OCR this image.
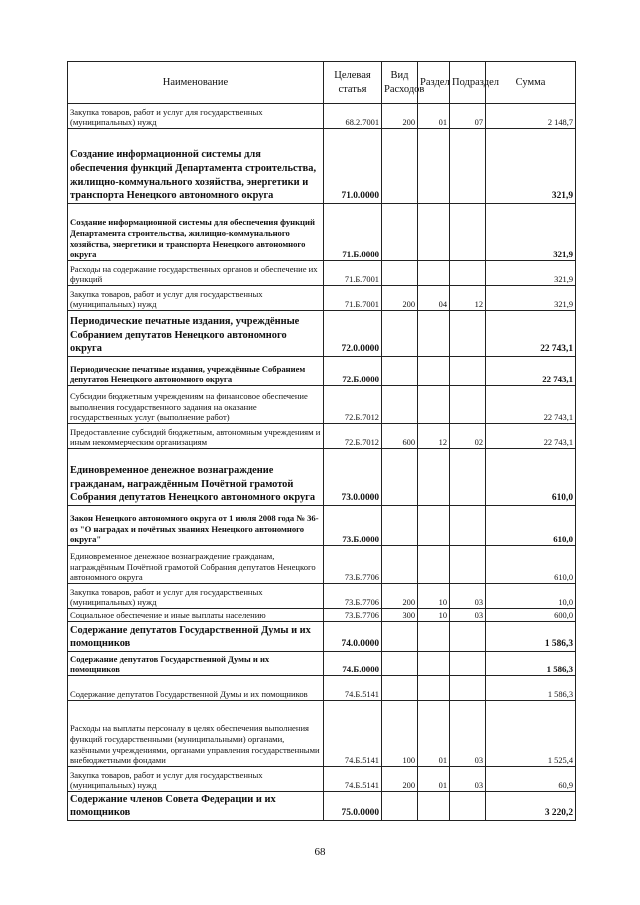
Наименование	Целевая статья	Вид Расходов	Раздел	Подраздел	Сумма
Закупка товаров, работ и услуг для государственных (муниципальных) нужд	68.2.7001	200	01	07	2 148,7
Создание информационной системы для обеспечения функций Департамента строительства, жилищно-коммунального хозяйства, энергетики и транспорта Ненецкого автономного округа	71.0.0000				321,9
Создание информационной системы для обеспечения функций Департамента строительства, жилищно-коммунального хозяйства, энергетики и транспорта Ненецкого автономного округа	71.Б.0000				321,9
Расходы на содержание государственных органов и обеспечение их функций	71.Б.7001				321,9
Закупка товаров, работ и услуг для государственных (муниципальных) нужд	71.Б.7001	200	04	12	321,9
Периодические печатные издания, учреждённые Собранием депутатов Ненецкого автономного округа	72.0.0000				22 743,1
Периодические печатные издания, учреждённые Собранием депутатов Ненецкого автономного округа	72.Б.0000				22 743,1
Субсидии бюджетным учреждениям на финансовое обеспечение выполнения государственного задания на оказание государственных услуг (выполнение работ)	72.Б.7012				22 743,1
Предоставление субсидий бюджетным, автономным учреждениям и иным некоммерческим организациям	72.Б.7012	600	12	02	22 743,1
Единовременное денежное вознаграждение гражданам, награждённым Почётной грамотой Собрания депутатов Ненецкого автономного округа	73.0.0000				610,0
Закон Ненецкого автономного округа от 1 июля 2008 года № 36-оз "О наградах и почётных званиях Ненецкого автономного округа"	73.Б.0000				610,0
Единовременное денежное вознаграждение гражданам, награждённым Почётной грамотой Собрания депутатов Ненецкого автономного округа	73.Б.7706				610,0
Закупка товаров, работ и услуг для государственных (муниципальных) нужд	73.Б.7706	200	10	03	10,0
Социальное обеспечение и иные выплаты населению	73.Б.7706	300	10	03	600,0
Содержание депутатов Государственной Думы и их помощников	74.0.0000				1 586,3
Содержание депутатов Государственной Думы и их помощников	74.Б.0000				1 586,3
Содержание депутатов Государственной Думы и их помощников	74.Б.5141				1 586,3
Расходы на выплаты персоналу в целях обеспечения выполнения функций государственными (муниципальными) органами, казёнными учреждениями, органами управления государственными внебюджетными фондами	74.Б.5141	100	01	03	1 525,4
Закупка товаров, работ и услуг для государственных (муниципальных) нужд	74.Б.5141	200	01	03	60,9
Содержание членов Совета Федерации и их помощников	75.0.0000				3 220,2
68
